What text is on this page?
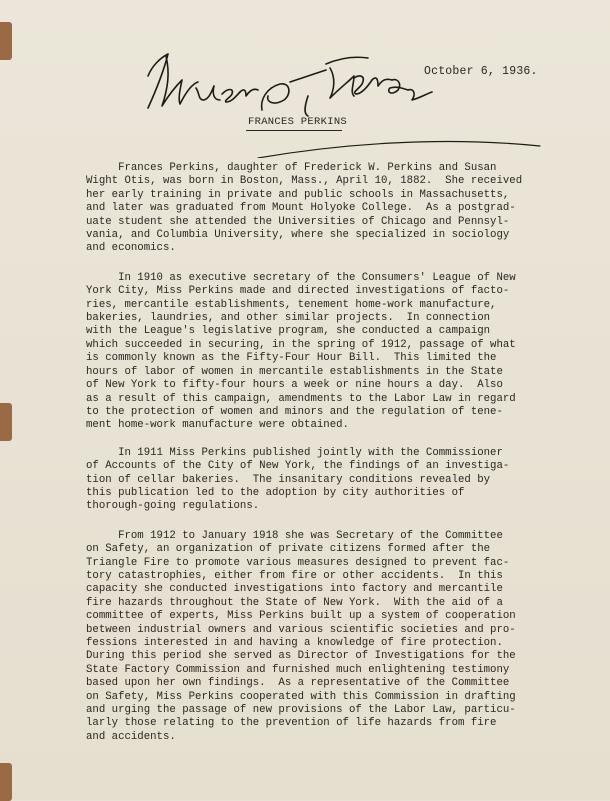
October 6, 1936.
FRANCES PERKINS

Frances Perkins, daughter of Frederick W. Perkins and Susan
Wight Otis, was born in Boston, Mass., April 10, 1882.  She received
her early training in private and public schools in Massachusetts,
and later was graduated from Mount Holyoke College.  As a postgrad-
uate student she attended the Universities of Chicago and Pennsyl-
vania, and Columbia University, where she specialized in sociology
and economics.

In 1910 as executive secretary of the Consumers' League of New
York City, Miss Perkins made and directed investigations of facto-
ries, mercantile establishments, tenement home-work manufacture,
bakeries, laundries, and other similar projects.  In connection
with the League's legislative program, she conducted a campaign
which succeeded in securing, in the spring of 1912, passage of what
is commonly known as the Fifty-Four Hour Bill.  This limited the
hours of labor of women in mercantile establishments in the State
of New York to fifty-four hours a week or nine hours a day.  Also
as a result of this campaign, amendments to the Labor Law in regard
to the protection of women and minors and the regulation of tene-
ment home-work manufacture were obtained.

In 1911 Miss Perkins published jointly with the Commissioner
of Accounts of the City of New York, the findings of an investiga-
tion of cellar bakeries.  The insanitary conditions revealed by
this publication led to the adoption by city authorities of
thorough-going regulations.

From 1912 to January 1918 she was Secretary of the Committee
on Safety, an organization of private citizens formed after the
Triangle Fire to promote various measures designed to prevent fac-
tory catastrophies, either from fire or other accidents.  In this
capacity she conducted investigations into factory and mercantile
fire hazards throughout the State of New York.  With the aid of a
committee of experts, Miss Perkins built up a system of cooperation
between industrial owners and various scientific societies and pro-
fessions interested in and having a knowledge of fire protection.
During this period she served as Director of Investigations for the
State Factory Commission and furnished much enlightening testimony
based upon her own findings.  As a representative of the Committee
on Safety, Miss Perkins cooperated with this Commission in drafting
and urging the passage of new provisions of the Labor Law, particu-
larly those relating to the prevention of life hazards from fire
and accidents.
